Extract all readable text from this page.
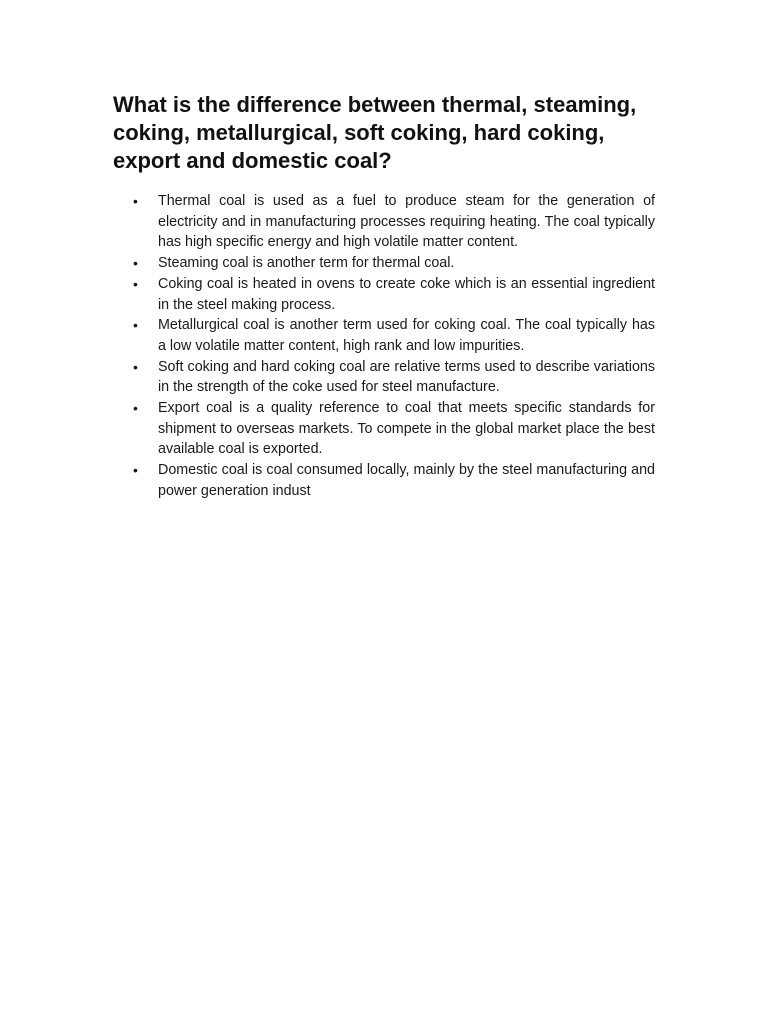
What is the difference between thermal, steaming, coking, metallurgical, soft coking, hard coking, export and domestic coal?
• Thermal coal is used as a fuel to produce steam for the generation of electricity and in manufacturing processes requiring heating. The coal typically has high specific energy and high volatile matter content.
• Steaming coal is another term for thermal coal.
• Coking coal is heated in ovens to create coke which is an essential ingredient in the steel making process.
• Metallurgical coal is another term used for coking coal. The coal typically has a low volatile matter content, high rank and low impurities.
• Soft coking and hard coking coal are relative terms used to describe variations in the strength of the coke used for steel manufacture.
• Export coal is a quality reference to coal that meets specific standards for shipment to overseas markets. To compete in the global market place the best available coal is exported.
• Domestic coal is coal consumed locally, mainly by the steel manufacturing and power generation indust
